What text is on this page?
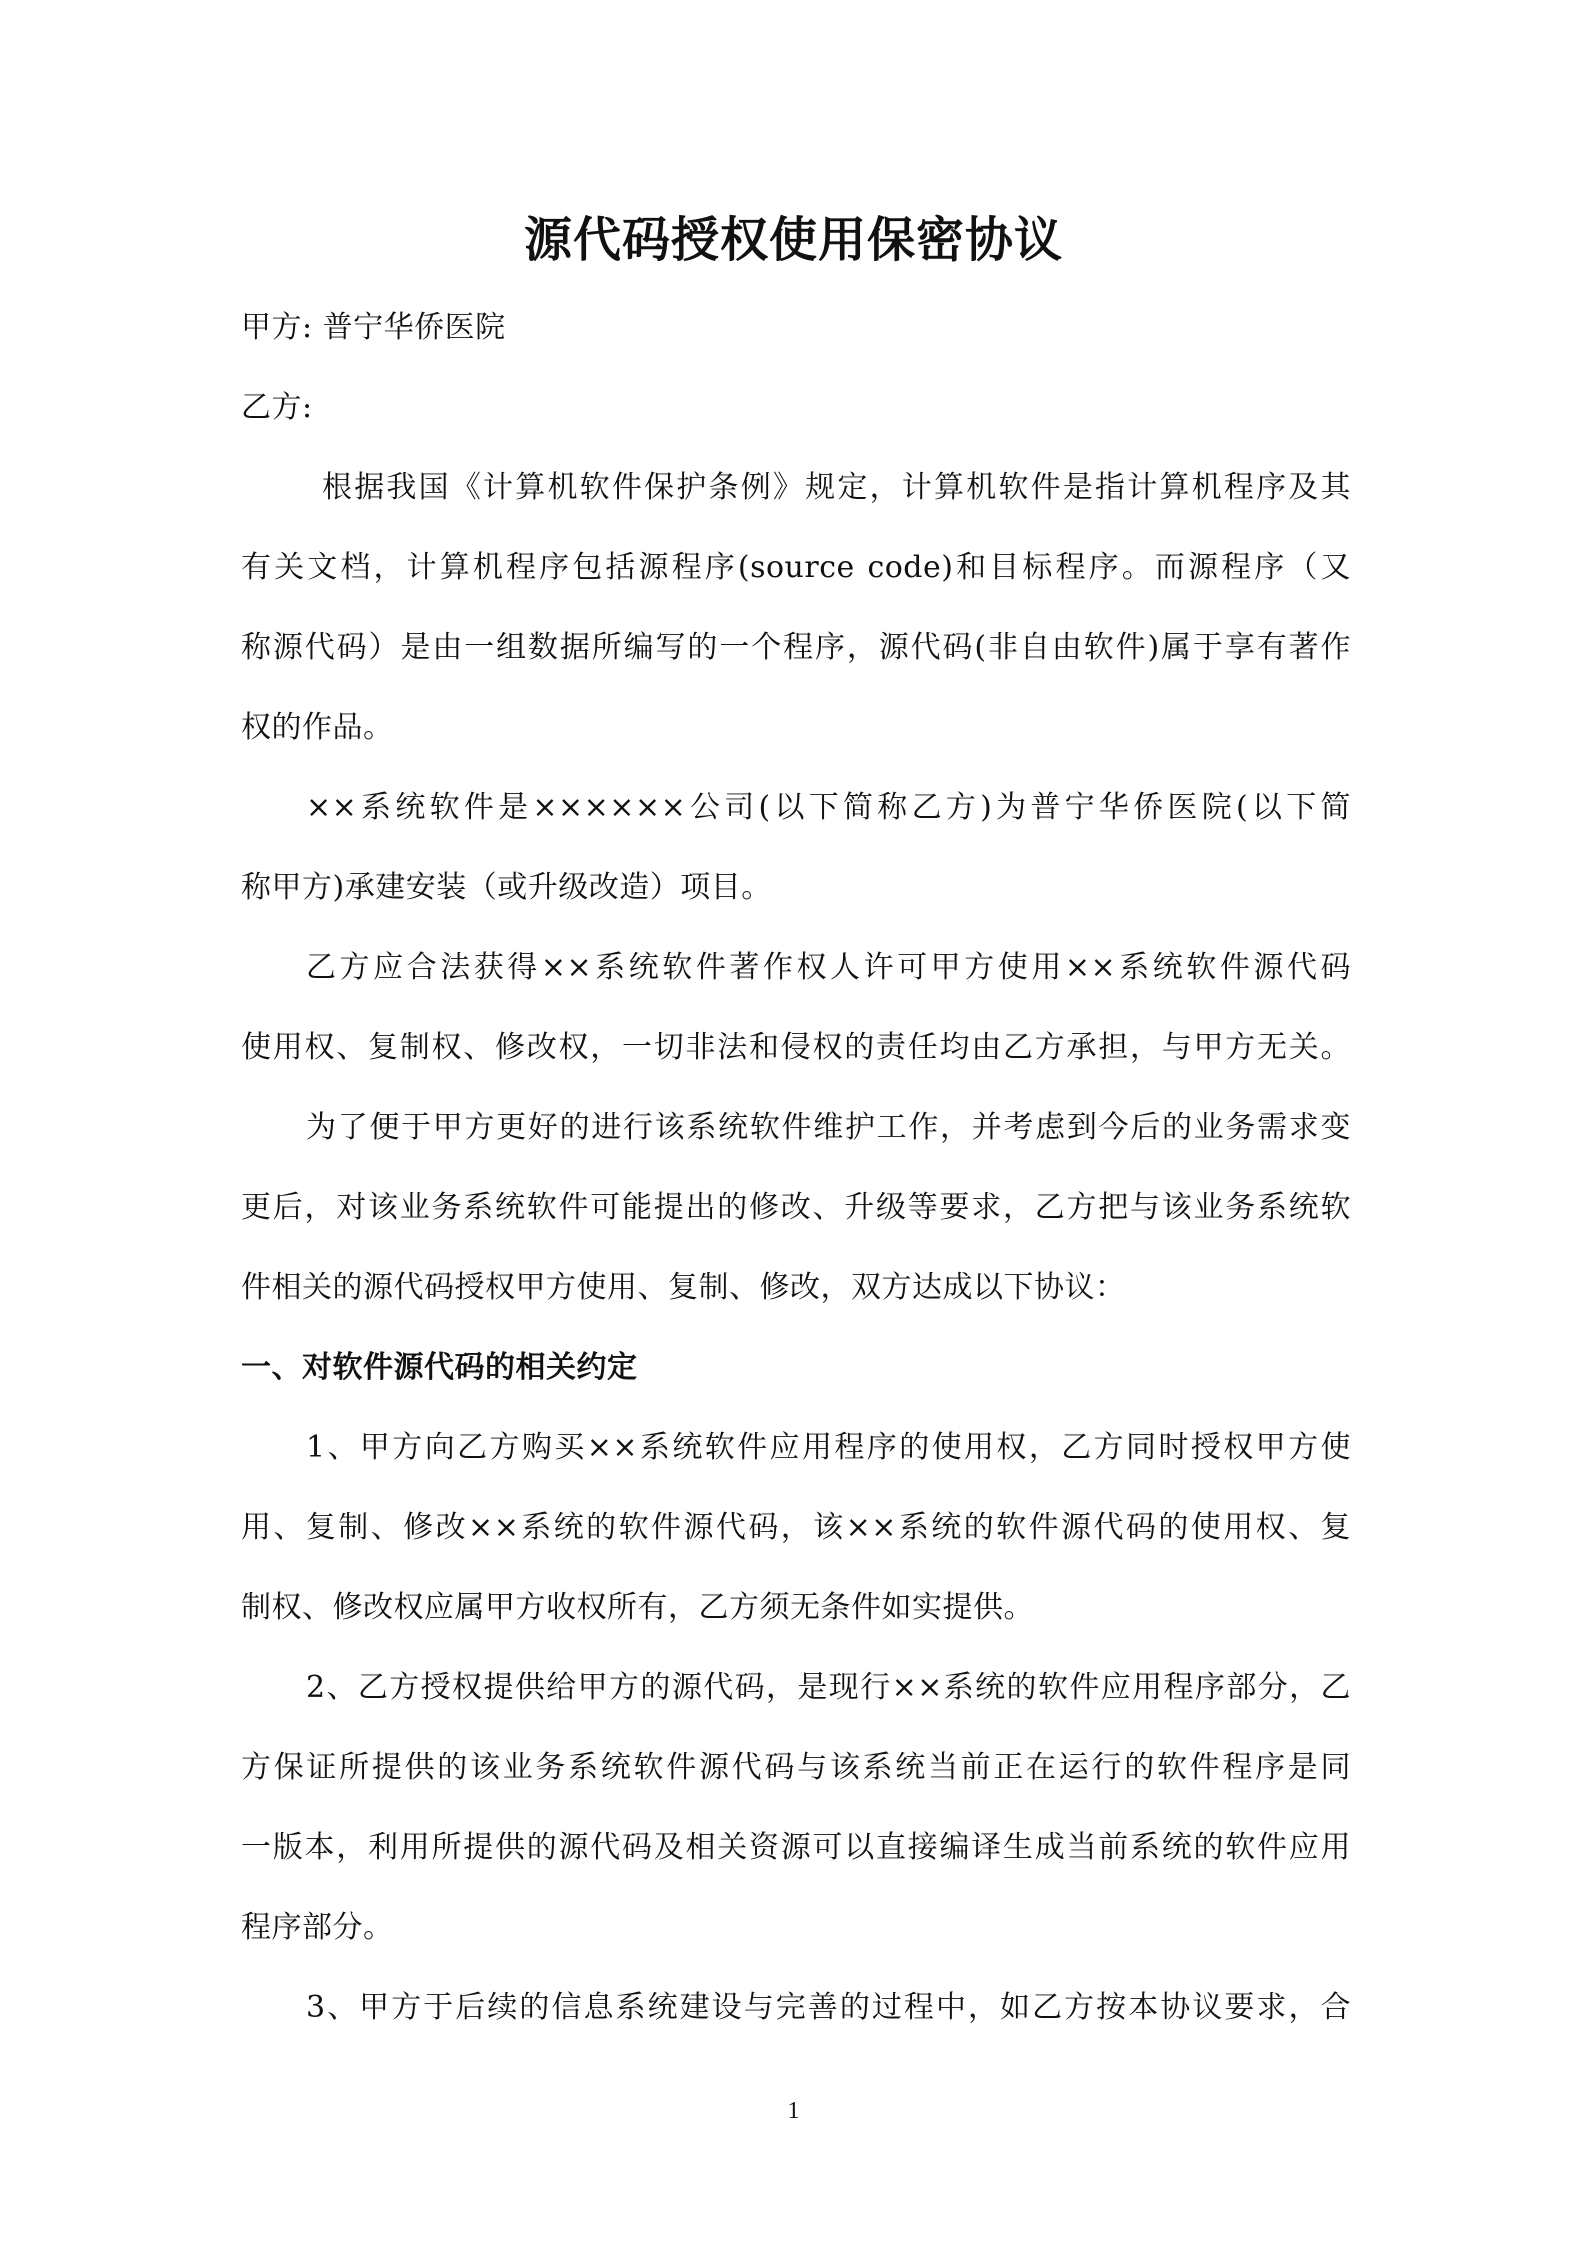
源代码授权使用保密协议
甲方: 普宁华侨医院
乙方:
根据我国《计算机软件保护条例》规定，计算机软件是指计算机程序及其
有关文档，计算机程序包括源程序(source code)和目标程序。而源程序（又
称源代码）是由一组数据所编写的一个程序，源代码(非自由软件)属于享有著作
权的作品。
××系统软件是××××××公司(以下简称乙方)为普宁华侨医院(以下简
称甲方)承建安装（或升级改造）项目。
乙方应合法获得××系统软件著作权人许可甲方使用××系统软件源代码
使用权、复制权、修改权，一切非法和侵权的责任均由乙方承担，与甲方无关。
为了便于甲方更好的进行该系统软件维护工作，并考虑到今后的业务需求变
更后，对该业务系统软件可能提出的修改、升级等要求，乙方把与该业务系统软
件相关的源代码授权甲方使用、复制、修改，双方达成以下协议：
一、对软件源代码的相关约定
1、甲方向乙方购买××系统软件应用程序的使用权，乙方同时授权甲方使
用、复制、修改××系统的软件源代码，该××系统的软件源代码的使用权、复
制权、修改权应属甲方收权所有，乙方须无条件如实提供。
2、乙方授权提供给甲方的源代码，是现行××系统的软件应用程序部分，乙
方保证所提供的该业务系统软件源代码与该系统当前正在运行的软件程序是同
一版本，利用所提供的源代码及相关资源可以直接编译生成当前系统的软件应用
程序部分。
3、甲方于后续的信息系统建设与完善的过程中，如乙方按本协议要求，合
1
